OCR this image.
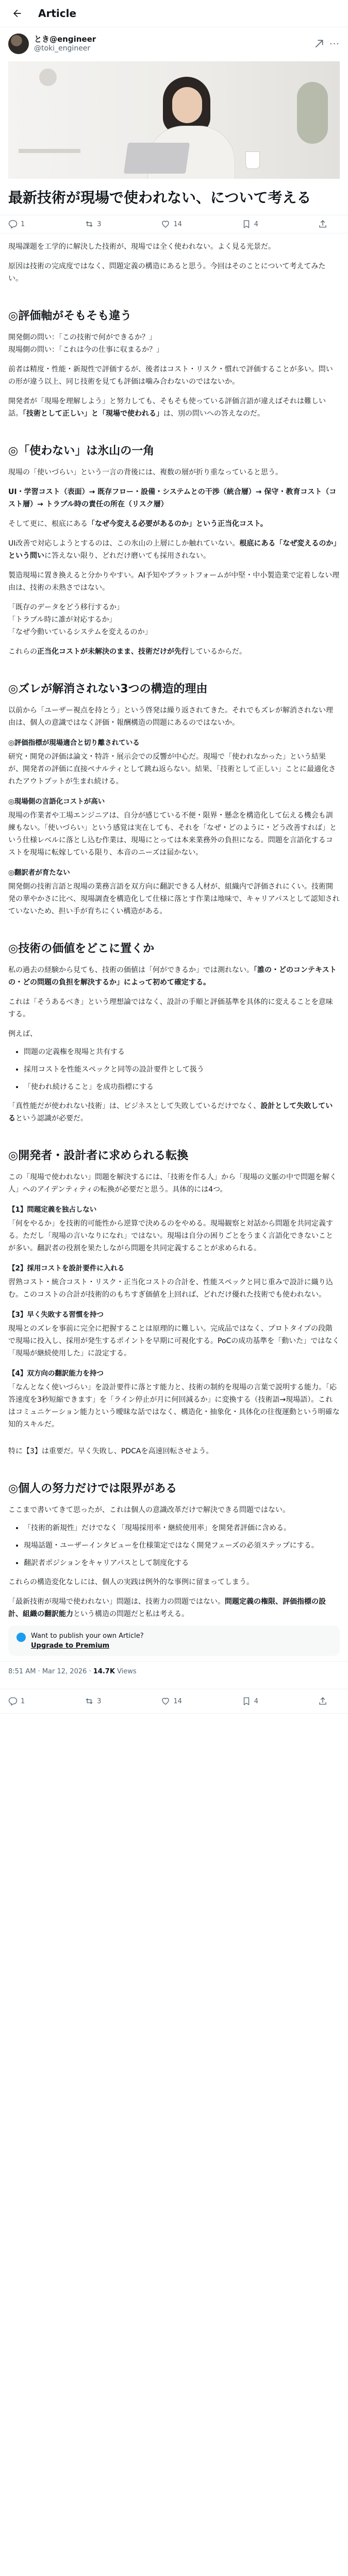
Article
とき@engineer
@toki_engineer	···
最新技術が現場で使われない、について考える
1	3	14	4

現場課題を工学的に解決した技術が、現場では全く使われない。よく見る光景だ。

原因は技術の完成度ではなく、問題定義の構造にあると思う。今回はそのことについて考えてみたい。

◎評価軸がそもそも違う

開発側の問い：「この技術で何ができるか？」
現場側の問い：「これは今の仕事に収まるか？」

前者は精度・性能・新規性で評価するが、後者はコスト・リスク・慣れで評価することが多い。問いの形が違う以上、同じ技術を見ても評価は噛み合わないのではないか。

開発者が「現場を理解しよう」と努力しても、そもそも使っている評価言語が違えばそれは難しい話。「技術として正しい」と「現場で使われる」は、別の問いへの答えなのだ。

◎「使わない」は氷山の一角

現場の「使いづらい」という一言の背後には、複数の層が折り重なっていると思う。

UI・学習コスト（表面）→ 既存フロー・設備・システムとの干渉（統合層）→ 保守・教育コスト（コスト層）→ トラブル時の責任の所在（リスク層）

そして更に、根底にある「なぜ今変える必要があるのか」という正当化コスト。

UI改善で対応しようとするのは、この氷山の上層にしか触れていない。根底にある「なぜ変えるのか」という問いに答えない限り、どれだけ磨いても採用されない。

製造現場に置き換えると分かりやすい。AI予知やプラットフォームが中堅・中小製造業で定着しない理由は、技術の未熟さではない。

「既存のデータをどう移行するか」
「トラブル時に誰が対応するか」
「なぜ今動いているシステムを変えるのか」

これらの正当化コストが未解決のまま、技術だけが先行しているからだ。

◎ズレが解消されない3つの構造的理由

以前から「ユーザー視点を持とう」という啓発は繰り返されてきた。それでもズレが解消されない理由は、個人の意識ではなく評価・報酬構造の問題にあるのではないか。

◎評価指標が現場適合と切り離されている

研究・開発の評価は論文・特許・展示会での反響が中心だ。現場で「使われなかった」という結果が、開発者の評価に直接ペナルティとして跳ね返らない。結果、「技術として正しい」ことに最適化されたアウトプットが生まれ続ける。

◎現場側の言語化コストが高い

現場の作業者や工場エンジニアは、自分が感じている不便・限界・懸念を構造化して伝える機会も訓練もない。「使いづらい」という感覚は実在しても、それを「なぜ・どのように・どう改善すれば」という仕様レベルに落とし込む作業は、現場にとっては本来業務外の負担になる。問題を言語化するコストを現場に転嫁している限り、本音のニーズは届かない。

◎翻訳者が育たない

開発側の技術言語と現場の業務言語を双方向に翻訳できる人材が、組織内で評価されにくい。技術開発の華やかさに比べ、現場調査を構造化して仕様に落とす作業は地味で、キャリアパスとして認知されていないため、担い手が育ちにくい構造がある。

◎技術の価値をどこに置くか

私の過去の経験から見ても、技術の価値は「何ができるか」では測れない。「誰の・どのコンテキストの・どの問題の負担を解決するか」によって初めて確定する。

これは「そうあるべき」という理想論ではなく、設計の手順と評価基準を具体的に変えることを意味する。

例えば、

• 問題の定義権を現場と共有する
• 採用コストを性能スペックと同等の設計要件として扱う
• 「使われ続けること」を成功指標にする

「真性能だが使われない技術」は、ビジネスとして失敗しているだけでなく、設計として失敗しているという認識が必要だ。

◎開発者・設計者に求められる転換

この「現場で使われない」問題を解決するには、「技術を作る人」から「現場の文脈の中で問題を解く人」へのアイデンティティの転換が必要だと思う。具体的には4つ。

【1】問題定義を独占しない

「何をやるか」を技術的可能性から逆算で決めるのをやめる。現場観察と対話から問題を共同定義する。ただし「現場の言いなりになれ」ではない。現場は自分の困りごとをうまく言語化できないことが多い。翻訳者の役割を果たしながら問題を共同定義することが求められる。

【2】採用コストを設計要件に入れる

習熟コスト・統合コスト・リスク・正当化コストの合計を、性能スペックと同じ重みで設計に織り込む。このコストの合計が技術的のもちすぎ価値を上回れば、どれだけ優れた技術でも使われない。

【3】早く失敗する習慣を持つ

現場とのズレを事前に完全に把握することは原理的に難しい。完成品ではなく、プロトタイプの段階で現場に投入し、採用が発生するポイントを早期に可視化する。PoCの成功基準を「動いた」ではなく「現場が継続使用した」に設定する。

【4】双方向の翻訳能力を持つ

「なんとなく使いづらい」を設計要件に落とす能力と、技術の制約を現場の言葉で説明する能力。「応答速度を3秒短縮できます」を「ライン停止が月に何回減るか」に変換する（技術語→現場語）。これはコミュニケーション能力という曖昧な話ではなく、構造化・抽象化・具体化の往復運動という明確な知的スキルだ。

特に【3】は重要だ。早く失敗し、PDCAを高速回転させよう。

◎個人の努力だけでは限界がある

ここまで書いてきて思ったが、これは個人の意識改革だけで解決できる問題ではない。

• 「技術的新規性」だけでなく「現場採用率・継続使用率」を開発者評価に含める。
• 現場話題・ユーザーインタビューを仕様策定ではなく開発フェーズの必須ステップにする。
• 翻訳者ポジションをキャリアパスとして制度化する

これらの構造変化なしには、個人の実践は例外的な事例に留まってしまう。

「最新技術が現場で使われない」問題は、技術力の問題ではない。問題定義の権限、評価指標の設計、組織の翻訳能力という構造の問題だと私は考える。

Want to publish your own Article?
Upgrade to Premium
8:51 AM · Mar 12, 2026 · 14.7K Views
1	3	14	4
